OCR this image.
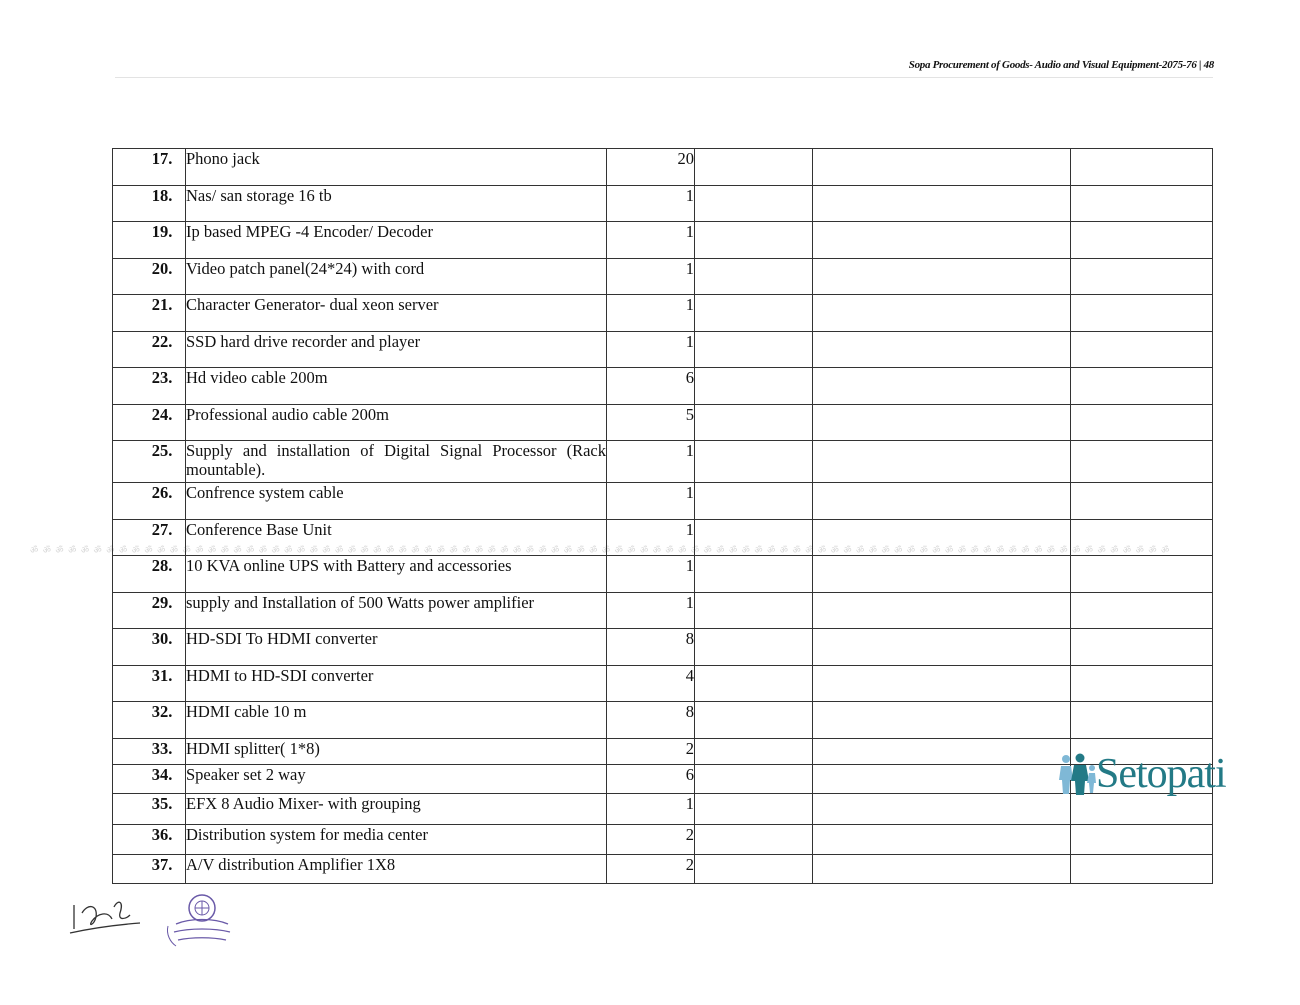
Sopa Procurement of Goods- Audio and Visual Equipment-2075-76 | 48
ॐ ॐ ॐ ॐ ॐ ॐ ॐ ॐ ॐ ॐ ॐ ॐ ॐ ॐ ॐ ॐ ॐ ॐ ॐ ॐ ॐ ॐ ॐ ॐ ॐ ॐ ॐ ॐ ॐ ॐ ॐ ॐ ॐ ॐ ॐ ॐ ॐ ॐ ॐ ॐ ॐ ॐ ॐ ॐ ॐ ॐ ॐ ॐ ॐ ॐ ॐ ॐ ॐ ॐ ॐ ॐ ॐ ॐ ॐ ॐ ॐ ॐ ॐ ॐ ॐ ॐ ॐ ॐ ॐ ॐ ॐ ॐ ॐ ॐ ॐ ॐ ॐ ॐ ॐ ॐ ॐ ॐ ॐ ॐ ॐ ॐ ॐ ॐ ॐ ॐ
17.	Phono jack	20			
18.	Nas/ san storage 16 tb	1			
19.	Ip based MPEG -4 Encoder/ Decoder	1			
20.	Video patch panel(24*24) with cord	1			
21.	Character Generator- dual xeon server	1			
22.	SSD hard drive recorder and player	1			
23.	Hd video cable 200m	6			
24.	Professional audio cable 200m	5			
25.	Supply and installation of Digital Signal Processor (Rack mountable).	1			
26.	Confrence system cable	1			
27.	Conference Base Unit	1			
28.	10 KVA online UPS with Battery and accessories	1			
29.	supply and Installation of 500 Watts power amplifier	1			
30.	HD-SDI To HDMI converter	8			
31.	HDMI to HD-SDI converter	4			
32.	HDMI cable 10 m	8			
33.	HDMI splitter( 1*8)	2			
34.	Speaker set 2 way	6			
35.	EFX 8 Audio Mixer- with grouping	1			
36.	Distribution system for media center	2			
37.	A/V distribution Amplifier 1X8	2			
Setopati
